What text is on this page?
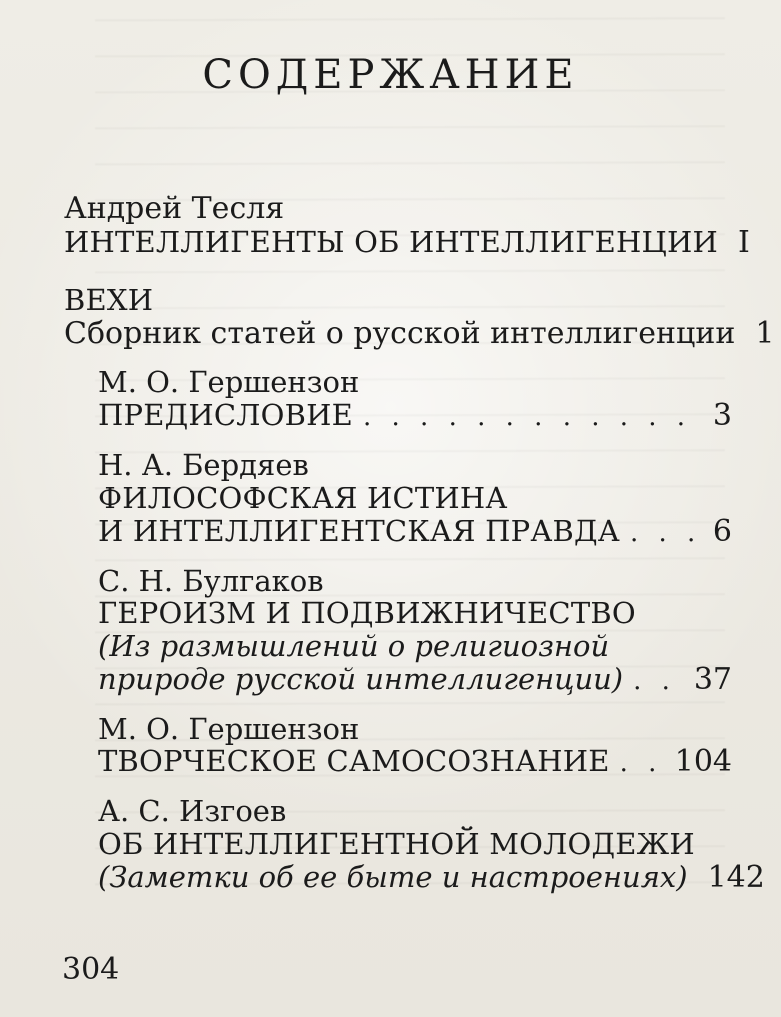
СОДЕРЖАНИЕ
Андрей Тесля
ИНТЕЛЛИГЕНТЫ ОБ ИНТЕЛЛИГЕНЦИИ I
ВЕХИ
Сборник статей о русской интеллигенции 1
М. О. Гершензон
ПРЕДИСЛОВИЕ . . .	3
Н. А. Бердяев
ФИЛОСОФСКАЯ ИСТИНА
И ИНТЕЛЛИГЕНТСКАЯ ПРАВДА . . .	6
С. Н. Булгаков
ГЕРОИЗМ И ПОДВИЖНИЧЕСТВО
(Из размышлений о религиозной
природе русской интеллигенции) . . . 37
М. О. Гершензон
ТВОРЧЕСКОЕ САМОСОЗНАНИЕ . . . 104
А. С. Изгоев
ОБ ИНТЕЛЛИГЕНТНОЙ МОЛОДЕЖИ
(Заметки об ее быте и настроениях) 142
304
